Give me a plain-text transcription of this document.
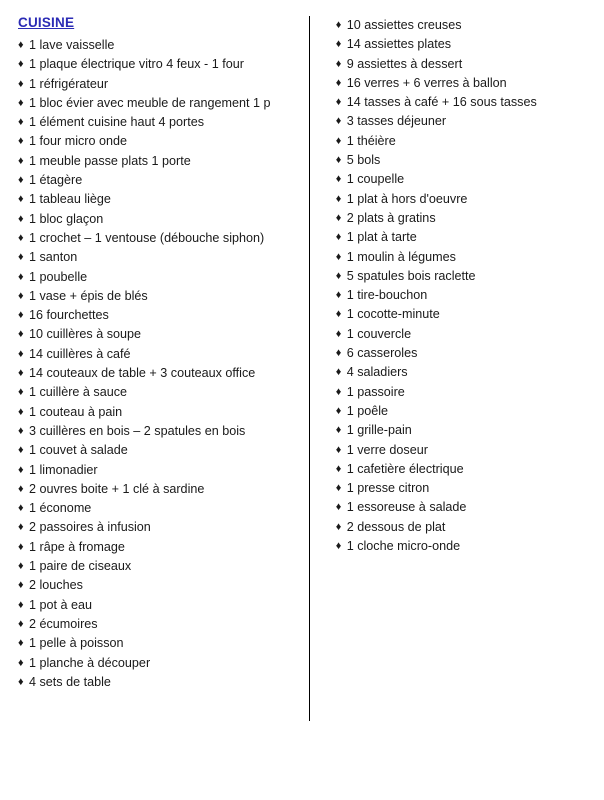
CUISINE
♦ 1 lave vaisselle
♦ 1 plaque électrique vitro 4 feux - 1 four
♦ 1 réfrigérateur
♦ 1 bloc évier avec meuble de rangement 1 p
♦ 1 élément cuisine haut 4 portes
♦ 1 four micro onde
♦ 1 meuble passe plats 1 porte
♦ 1 étagère
♦ 1 tableau liège
♦ 1 bloc glaçon
♦ 1 crochet – 1 ventouse (débouche siphon)
♦ 1 santon
♦ 1 poubelle
♦ 1 vase + épis de blés
♦ 16 fourchettes
♦ 10 cuillères à soupe
♦ 14 cuillères à café
♦ 14 couteaux de table + 3 couteaux office
♦ 1 cuillère à sauce
♦ 1 couteau à pain
♦ 3 cuillères en bois – 2 spatules en bois
♦ 1 couvet à salade
♦ 1 limonadier
♦ 2 ouvres boite + 1 clé à sardine
♦ 1 économe
♦ 2 passoires à infusion
♦ 1 râpe à fromage
♦ 1 paire de ciseaux
♦ 2 louches
♦ 1 pot à eau
♦ 2 écumoires
♦ 1 pelle à poisson
♦ 1 planche à découper
♦ 4 sets de table
♦ 10 assiettes creuses
♦ 14 assiettes plates
♦ 9 assiettes à dessert
♦ 16 verres + 6 verres à ballon
♦ 14 tasses à café + 16 sous tasses
♦ 3 tasses déjeuner
♦ 1 théière
♦ 5 bols
♦ 1 coupelle
♦ 1 plat à hors d'oeuvre
♦ 2 plats à gratins
♦ 1 plat à tarte
♦ 1 moulin à légumes
♦ 5 spatules bois raclette
♦ 1 tire-bouchon
♦ 1 cocotte-minute
♦ 1 couvercle
♦ 6 casseroles
♦ 4 saladiers
♦ 1 passoire
♦ 1 poêle
♦ 1 grille-pain
♦ 1 verre doseur
♦ 1 cafetière électrique
♦ 1 presse citron
♦ 1 essoreuse à salade
♦ 2 dessous de plat
♦ 1 cloche micro-onde
